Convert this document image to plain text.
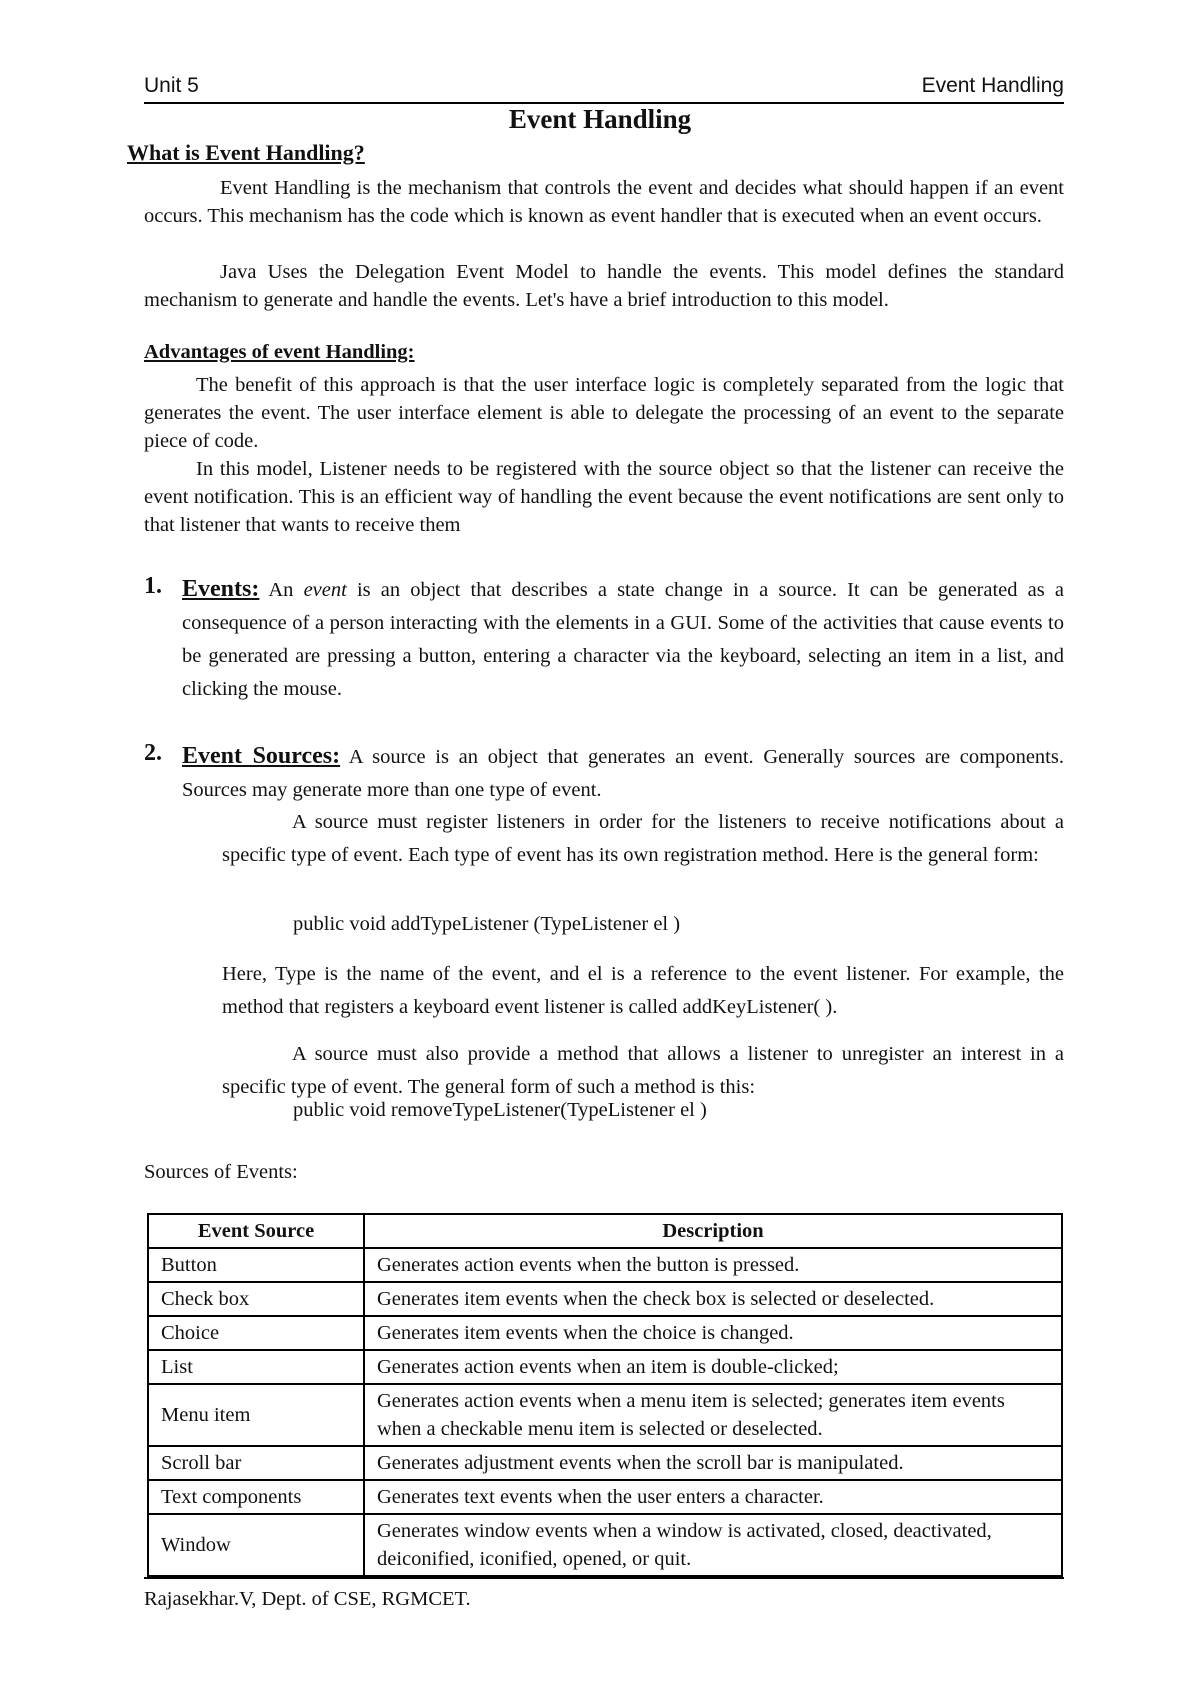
Unit 5	Event Handling
Event Handling
What is Event Handling?
Event Handling is the mechanism that controls the event and decides what should happen if an event occurs. This mechanism has the code which is known as event handler that is executed when an event occurs.
Java Uses the Delegation Event Model to handle the events. This model defines the standard mechanism to generate and handle the events. Let's have a brief introduction to this model.
Advantages of event Handling:
The benefit of this approach is that the user interface logic is completely separated from the logic that generates the event. The user interface element is able to delegate the processing of an event to the separate piece of code.
In this model, Listener needs to be registered with the source object so that the listener can receive the event notification. This is an efficient way of handling the event because the event notifications are sent only to that listener that wants to receive them
1. Events: An event is an object that describes a state change in a source. It can be generated as a consequence of a person interacting with the elements in a GUI. Some of the activities that cause events to be generated are pressing a button, entering a character via the keyboard, selecting an item in a list, and clicking the mouse.
2. Event Sources: A source is an object that generates an event. Generally sources are components. Sources may generate more than one type of event.
A source must register listeners in order for the listeners to receive notifications about a specific type of event. Each type of event has its own registration method. Here is the general form:
public void addTypeListener (TypeListener el )
Here, Type is the name of the event, and el is a reference to the event listener. For example, the method that registers a keyboard event listener is called addKeyListener( ).
A source must also provide a method that allows a listener to unregister an interest in a specific type of event. The general form of such a method is this:
public void removeTypeListener(TypeListener el )
Sources of Events:
Event Source	Description
Button	Generates action events when the button is pressed.
Check box	Generates item events when the check box is selected or deselected.
Choice	Generates item events when the choice is changed.
List	Generates action events when an item is double-clicked;
Menu item	Generates action events when a menu item is selected; generates item events when a checkable menu item is selected or deselected.
Scroll bar	Generates adjustment events when the scroll bar is manipulated.
Text components	Generates text events when the user enters a character.
Window	Generates window events when a window is activated, closed, deactivated, deiconified, iconified, opened, or quit.
Rajasekhar.V, Dept. of CSE, RGMCET.
